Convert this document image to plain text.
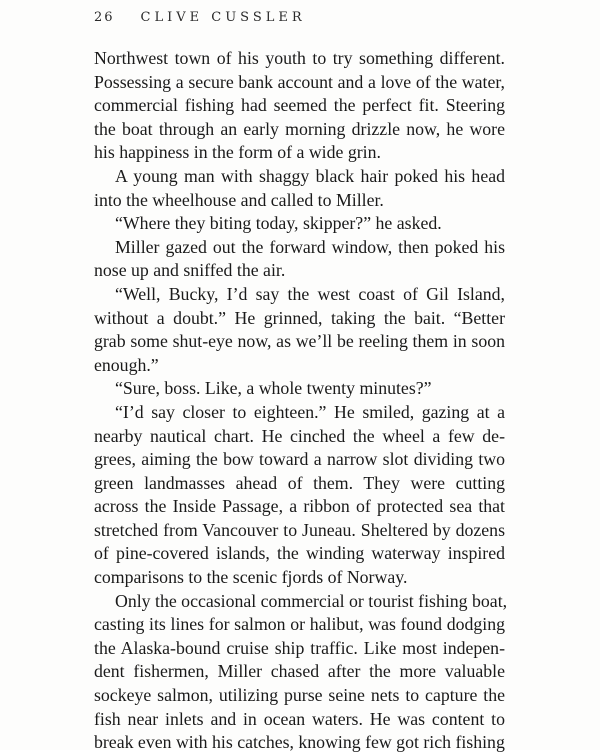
26 CLIVE CUSSLER

Northwest town of his youth to try something different.
Possessing a secure bank account and a love of the water,
commercial fishing had seemed the perfect fit. Steering
the boat through an early morning drizzle now, he wore
his happiness in the form of a wide grin.

A young man with shaggy black hair poked his head
into the wheelhouse and called to Miller.

“Where they biting today, skipper?” he asked.

Miller gazed out the forward window, then poked his
nose up and sniffed the air.

“Well, Bucky, I’d say the west coast of Gil Island,
without a doubt.” He grinned, taking the bait. “Better
grab some shut-eye now, as we’ll be reeling them in soon
enough.”

“Sure, boss. Like, a whole twenty minutes?”

“I’d say closer to eighteen.” He smiled, gazing at a
nearby nautical chart. He cinched the wheel a few de-
grees, aiming the bow toward a narrow slot dividing two
green landmasses ahead of them. They were cutting
across the Inside Passage, a ribbon of protected sea that
stretched from Vancouver to Juneau. Sheltered by dozens
of pine-covered islands, the winding waterway inspired
comparisons to the scenic fjords of Norway.

Only the occasional commercial or tourist fishing boat,
casting its lines for salmon or halibut, was found dodging
the Alaska-bound cruise ship traffic. Like most indepen-
dent fishermen, Miller chased after the more valuable
sockeye salmon, utilizing purse seine nets to capture the
fish near inlets and in ocean waters. He was content to
break even with his catches, knowing few got rich fishing
